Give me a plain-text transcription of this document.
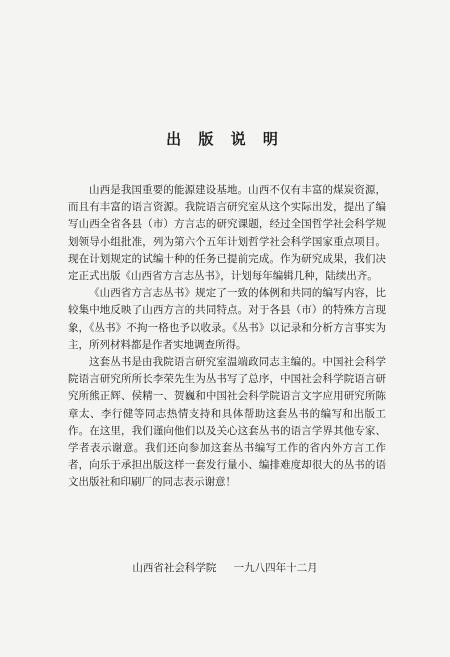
出 版 说 明

山西是我国重要的能源建设基地。山西不仅有丰富的煤炭资源，而且有丰富的语言资源。我院语言研究室从这个实际出发，提出了编写山西全省各县（市）方言志的研究课题，经过全国哲学社会科学规划领导小组批准，列为第六个五年计划哲学社会科学国家重点项目。现在计划规定的试编十种的任务已提前完成。作为研究成果，我们决定正式出版《山西省方言志丛书》，计划每年编辑几种，陆续出齐。

《山西省方言志丛书》规定了一致的体例和共同的编写内容，比较集中地反映了山西方言的共同特点。对于各县（市）的特殊方言现象，《丛书》不拘一格也予以收录。《丛书》以记录和分析方言事实为主，所列材料都是作者实地调查所得。

这套丛书是由我院语言研究室温端政同志主编的。中国社会科学院语言研究所所长李荣先生为丛书写了总序，中国社会科学院语言研究所熊正辉、侯精一、贺巍和中国社会科学院语言文字应用研究所陈章太、李行健等同志热情支持和具体帮助这套丛书的编写和出版工作。在这里，我们谨向他们以及关心这套丛书的语言学界其他专家、学者表示谢意。我们还向参加这套丛书编写工作的省内外方言工作者，向乐于承担出版这样一套发行量小、编排难度却很大的丛书的语文出版社和印刷厂的同志表示谢意！

山西省社会科学院 一九八四年十二月
